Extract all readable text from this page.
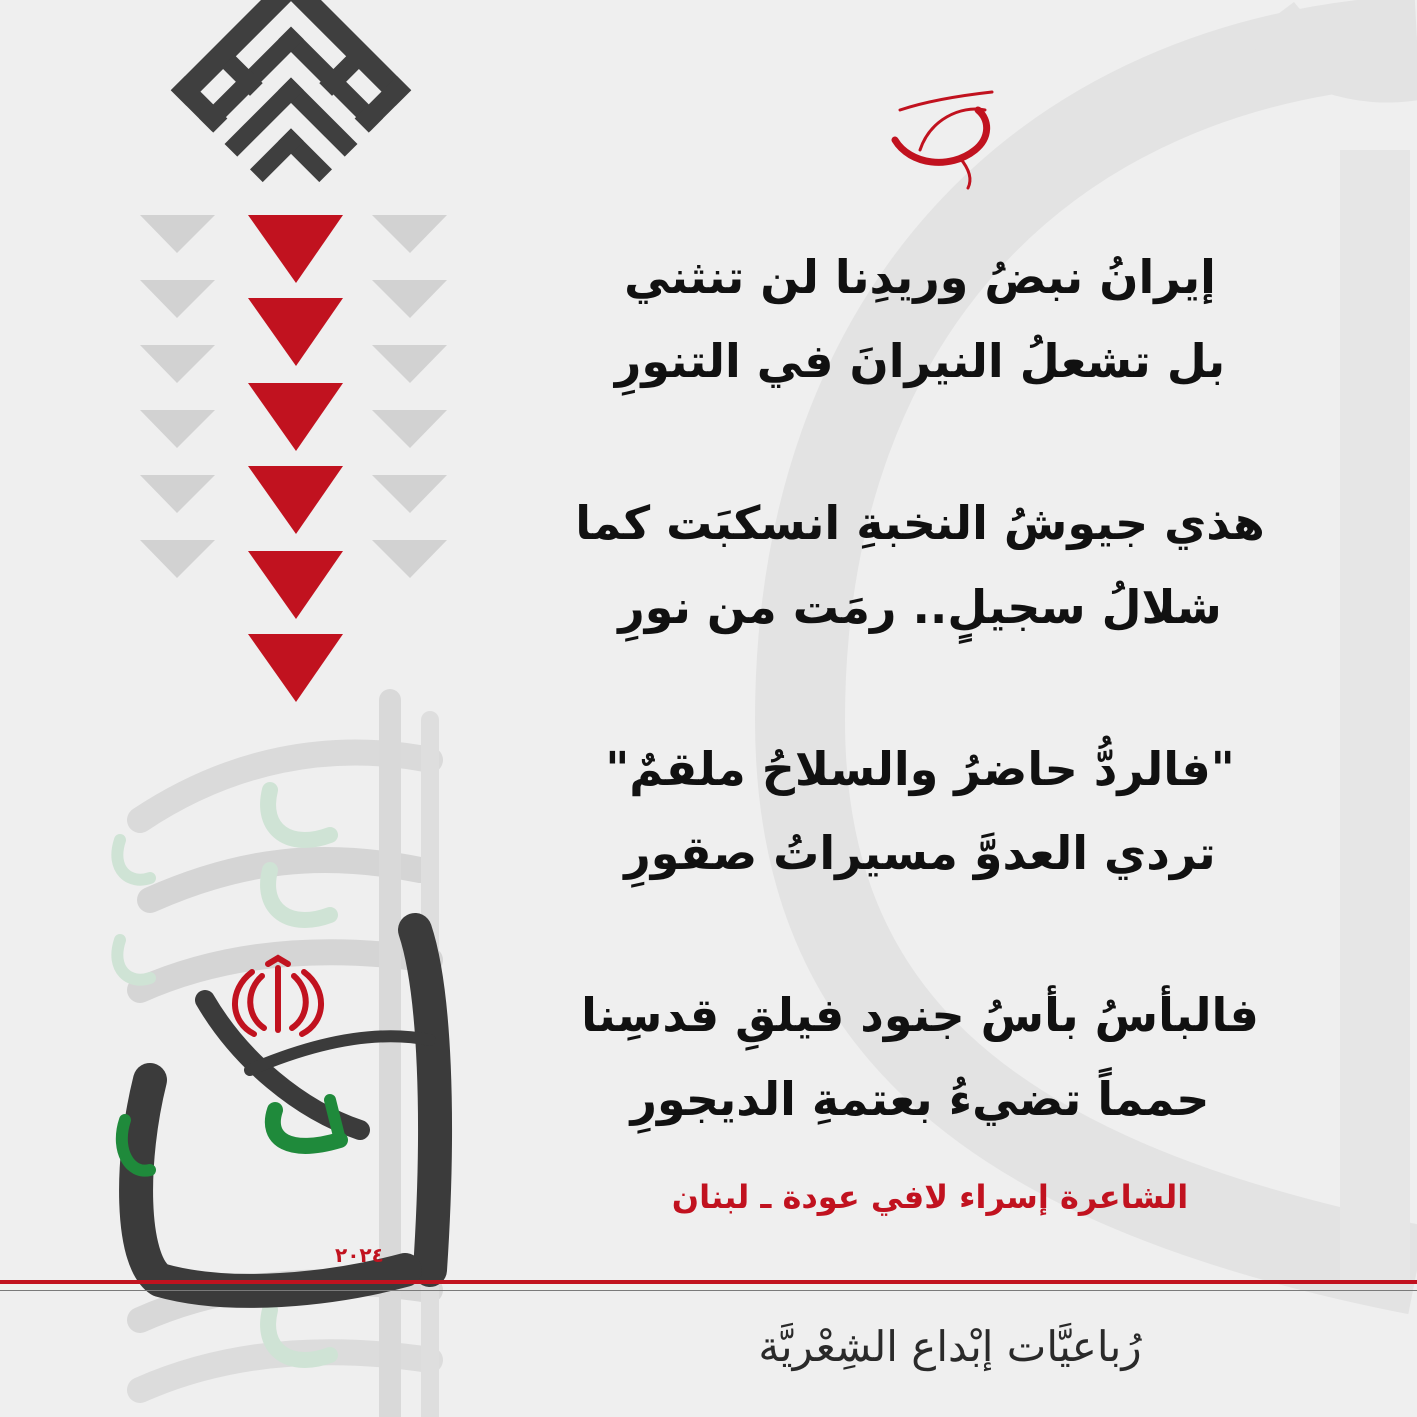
إيرانُ نبضُ وريدِنا لن تنثني
بل تشعلُ النيرانَ في التنورِ
هذي جيوشُ النخبةِ انسكبَت كما
شلالُ سجيلٍ.. رمَت من نورِ
"فالردُّ حاضرُ والسلاحُ ملقمٌ"
تردي العدوَّ مسيراتُ صقورِ
فالبأسُ بأسُ جنود فيلقِ قدسِنا
حمماً تضيءُ بعتمةِ الديجورِ
الشاعرة إسراء لافي عودة ـ لبنان
٢٠٢٤
رُباعيَّات إبْداع الشِعْريَّة
